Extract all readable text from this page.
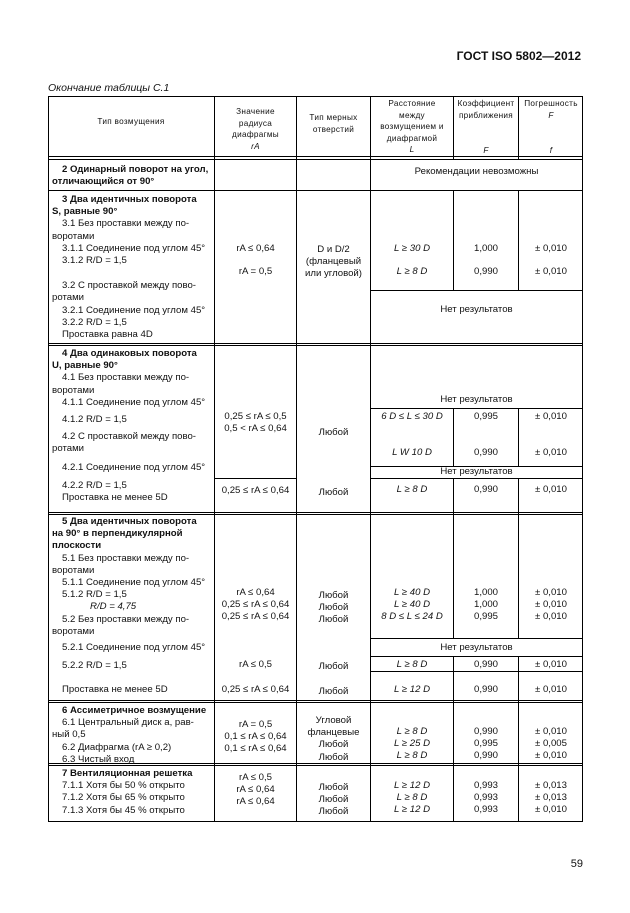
ГОСТ ISO 5802—2012
Окончание таблицы С.1
Тип возмущения
Значение
радиуса
диафрагмы
rA
Тип мерных
отверстий
Расстояние
между
возмущением и
диафрагмой
L
Коэффициент
приближения
F
Погрешность
F
f
2 Одинарный поворот на угол,
отличающийся от 90°
Рекомендации невозможны
3 Два идентичных поворота
S, равные 90°
3.1 Без проставки между по-
воротами
3.1.1 Соединение под углом 45°
3.1.2 R/D = 1,5
3.2 С проставкой между пово-
ротами
3.2.1 Соединение под углом 45°
3.2.2 R/D = 1,5
Проставка равна 4D
rA ≤ 0,64
rA = 0,5
D и D/2
(фланцевый
или угловой)
L ≥ 30 D
L ≥ 8 D
1,000
0,990
± 0,010
± 0,010
Нет результатов
4 Два одинаковых поворота
U, равные 90°
4.1 Без проставки между по-
воротами
4.1.1 Соединение под углом 45°
4.1.2 R/D = 1,5
4.2 С проставкой между пово-
ротами
4.2.1 Соединение под углом 45°
4.2.2 R/D = 1,5
Проставка не менее 5D
0,25 ≤ rA ≤ 0,5
0,5 < rA ≤ 0,64
0,25 ≤ rA ≤ 0,64
Любой
Любой
Нет результатов
Нет результатов
6 D ≤ L ≤ 30 D
L W 10 D
L ≥ 8 D
0,995
0,990
0,990
± 0,010
± 0,010
± 0,010
5 Два идентичных поворота
на 90° в перпендикулярной
плоскости
5.1 Без проставки между по-
воротами
5.1.1 Соединение под углом 45°
5.1.2 R/D = 1,5
R/D = 4,75
5.2 Без проставки между по-
воротами
5.2.1 Соединение под углом 45°
5.2.2 R/D = 1,5
Проставка не менее 5D
rA ≤ 0,64
0,25 ≤ rA ≤ 0,64
0,25 ≤ rA ≤ 0,64
rA ≤ 0,5
0,25 ≤ rA ≤ 0,64
Любой
Любой
Любой
Любой
Любой
L ≥ 40 D
L ≥ 40 D
8 D ≤ L ≤ 24 D
L ≥ 8 D
L ≥ 12 D
1,000
1,000
0,995
0,990
0,990
± 0,010
± 0,010
± 0,010
± 0,010
± 0,010
Нет результатов
6 Ассиметричное возмущение
6.1 Центральный диск а, рав-
ный 0,5
6.2 Диафрагма (rA ≥ 0,2)
6.3 Чистый вход
rA = 0,5
0,1 ≤ rA ≤ 0,64
0,1 ≤ rA ≤ 0,64
Угловой
фланцевые
Любой
Любой
L ≥ 8 D
L ≥ 25 D
L ≥ 8 D
0,990
0,995
0,990
± 0,010
± 0,005
± 0,010
7 Вентиляционная решетка
7.1.1 Хотя бы 50 % открыто
7.1.2 Хотя бы 65 % открыто
7.1.3 Хотя бы 45 % открыто
rA ≤ 0,5
rA ≤ 0,64
rA ≤ 0,64
Любой
Любой
Любой
L ≥ 12 D
L ≥ 8 D
L ≥ 12 D
0,993
0,993
0,993
± 0,013
± 0,013
± 0,010
59
